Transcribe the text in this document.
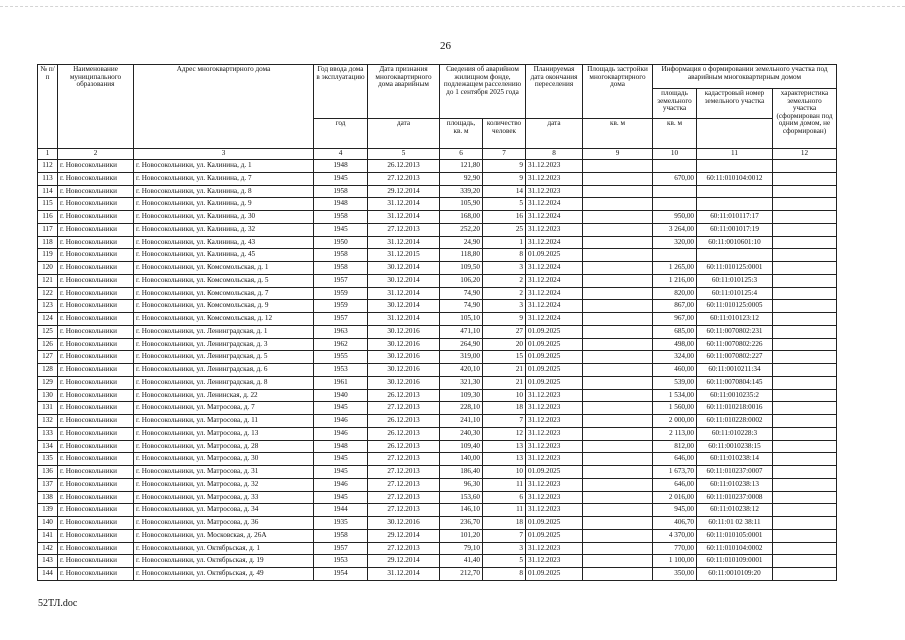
26
№ п/п	Наименование муниципального образования	Адрес многоквартирного дома	Год ввода дома в эксплуатацию	Дата признания многоквартирного дома аварийным	Сведения об аварийном жилищном фонде, подлежащем расселению до 1 сентября 2025 года		Планируемая дата окончания переселения	Площадь застройки многоквартирного дома	Информация о формировании земельного участка под аварийным многоквартирным домом		
									площадь земельного участка	кадастровый номер земельного участка	характеристика земельного участка (сформирован под одним домом, не сформирован)
			год	дата	площадь, кв. м	количество человек	дата	кв. м	кв. м		
1	2	3	4	5	6	7	8	9	10	11	12
112	г. Новосокольники	г. Новосокольники, ул. Калинина, д. 1	1948	26.12.2013	121,80	9	31.12.2023				
113	г. Новосокольники	г. Новосокольники, ул. Калинина, д. 7	1945	27.12.2013	92,90	9	31.12.2023		670,00	60:11:010104:0012	
114	г. Новосокольники	г. Новосокольники, ул. Калинина, д. 8	1958	29.12.2014	339,20	14	31.12.2023				
115	г. Новосокольники	г. Новосокольники, ул. Калинина, д. 9	1948	31.12.2014	105,90	5	31.12.2024				
116	г. Новосокольники	г. Новосокольники, ул. Калинина, д. 30	1958	31.12.2014	168,00	16	31.12.2024		950,00	60:11:010117:17	
117	г. Новосокольники	г. Новосокольники, ул. Калинина, д. 32	1945	27.12.2013	252,20	25	31.12.2023		3 264,00	60:11:001017:19	
118	г. Новосокольники	г. Новосокольники, ул. Калинина, д. 43	1950	31.12.2014	24,90	1	31.12.2024		320,00	60:11:0010601:10	
119	г. Новосокольники	г. Новосокольники, ул. Калинина, д. 45	1958	31.12.2015	118,80	8	01.09.2025				
120	г. Новосокольники	г. Новосокольники, ул. Комсомольская, д. 1	1958	30.12.2014	109,50	3	31.12.2024		1 265,00	60:11:010125:0001	
121	г. Новосокольники	г. Новосокольники, ул. Комсомольская, д. 5	1957	30.12.2014	106,20	2	31.12.2024		1 216,00	60:11:010125:3	
122	г. Новосокольники	г. Новосокольники, ул. Комсомольская, д. 7	1959	31.12.2014	74,90	2	31.12.2024		820,00	60:11:010125:4	
123	г. Новосокольники	г. Новосокольники, ул. Комсомольская, д. 9	1959	30.12.2014	74,90	3	31.12.2024		867,00	60:11:010125:0005	
124	г. Новосокольники	г. Новосокольники, ул. Комсомольская, д. 12	1957	31.12.2014	105,10	9	31.12.2024		967,00	60:11:010123:12	
125	г. Новосокольники	г. Новосокольники, ул. Ленинградская, д. 1	1963	30.12.2016	471,10	27	01.09.2025		685,00	60:11:0070802:231	
126	г. Новосокольники	г. Новосокольники, ул. Ленинградская, д. 3	1962	30.12.2016	264,90	20	01.09.2025		498,00	60:11:0070802:226	
127	г. Новосокольники	г. Новосокольники, ул. Ленинградская, д. 5	1955	30.12.2016	319,00	15	01.09.2025		324,00	60:11:0070802:227	
128	г. Новосокольники	г. Новосокольники, ул. Ленинградская, д. 6	1953	30.12.2016	420,10	21	01.09.2025		460,00	60:11:0010211:34	
129	г. Новосокольники	г. Новосокольники, ул. Ленинградская, д. 8	1961	30.12.2016	321,30	21	01.09.2025		539,00	60:11:0070804:145	
130	г. Новосокольники	г. Новосокольники, ул. Ленинская, д. 22	1940	26.12.2013	109,30	10	31.12.2023		1 534,00	60:11:0010235:2	
131	г. Новосокольники	г. Новосокольники, ул. Матросова, д. 7	1945	27.12.2013	228,10	18	31.12.2023		1 560,00	60:11:010218:0016	
132	г. Новосокольники	г. Новосокольники, ул. Матросова, д. 11	1946	26.12.2013	241,10	7	31.12.2023		2 000,00	60:11:010228:0002	
133	г. Новосокольники	г. Новосокольники, ул. Матросова, д. 13	1946	26.12.2013	240,30	12	31.12.2023		2 113,00	60:11:010228:3	
134	г. Новосокольники	г. Новосокольники, ул. Матросова, д. 28	1948	26.12.2013	109,40	13	31.12.2023		812,00	60:11:0010238:15	
135	г. Новосокольники	г. Новосокольники, ул. Матросова, д. 30	1945	27.12.2013	140,00	13	31.12.2023		646,00	60:11:010238:14	
136	г. Новосокольники	г. Новосокольники, ул. Матросова, д. 31	1945	27.12.2013	186,40	10	01.09.2025		1 673,70	60:11:010237:0007	
137	г. Новосокольники	г. Новосокольники, ул. Матросова, д. 32	1946	27.12.2013	96,30	11	31.12.2023		646,00	60:11:010238:13	
138	г. Новосокольники	г. Новосокольники, ул. Матросова, д. 33	1945	27.12.2013	153,60	6	31.12.2023		2 016,00	60:11:010237:0008	
139	г. Новосокольники	г. Новосокольники, ул. Матросова, д. 34	1944	27.12.2013	146,10	11	31.12.2023		945,00	60:11:010238:12	
140	г. Новосокольники	г. Новосокольники, ул. Матросова, д. 36	1935	30.12.2016	236,70	18	01.09.2025		406,70	60:11:01 02 38:11	
141	г. Новосокольники	г. Новосокольники, ул. Московская, д. 26А	1958	29.12.2014	101,20	7	01.09.2025		4 370,00	60:11:010105:0001	
142	г. Новосокольники	г. Новосокольники, ул. Октябрьская, д. 1	1957	27.12.2013	79,10	3	31.12.2023		770,00	60:11:010104:0002	
143	г. Новосокольники	г. Новосокольники, ул. Октябрьская, д. 19	1953	29.12.2014	41,40	5	31.12.2023		1 100,00	60:11:010109:0001	
144	г. Новосокольники	г. Новосокольники, ул. Октябрьская, д. 49	1954	31.12.2014	212,70	8	01.09.2025		350,00	60:11:0010109:20	
52ТЛ.doc
